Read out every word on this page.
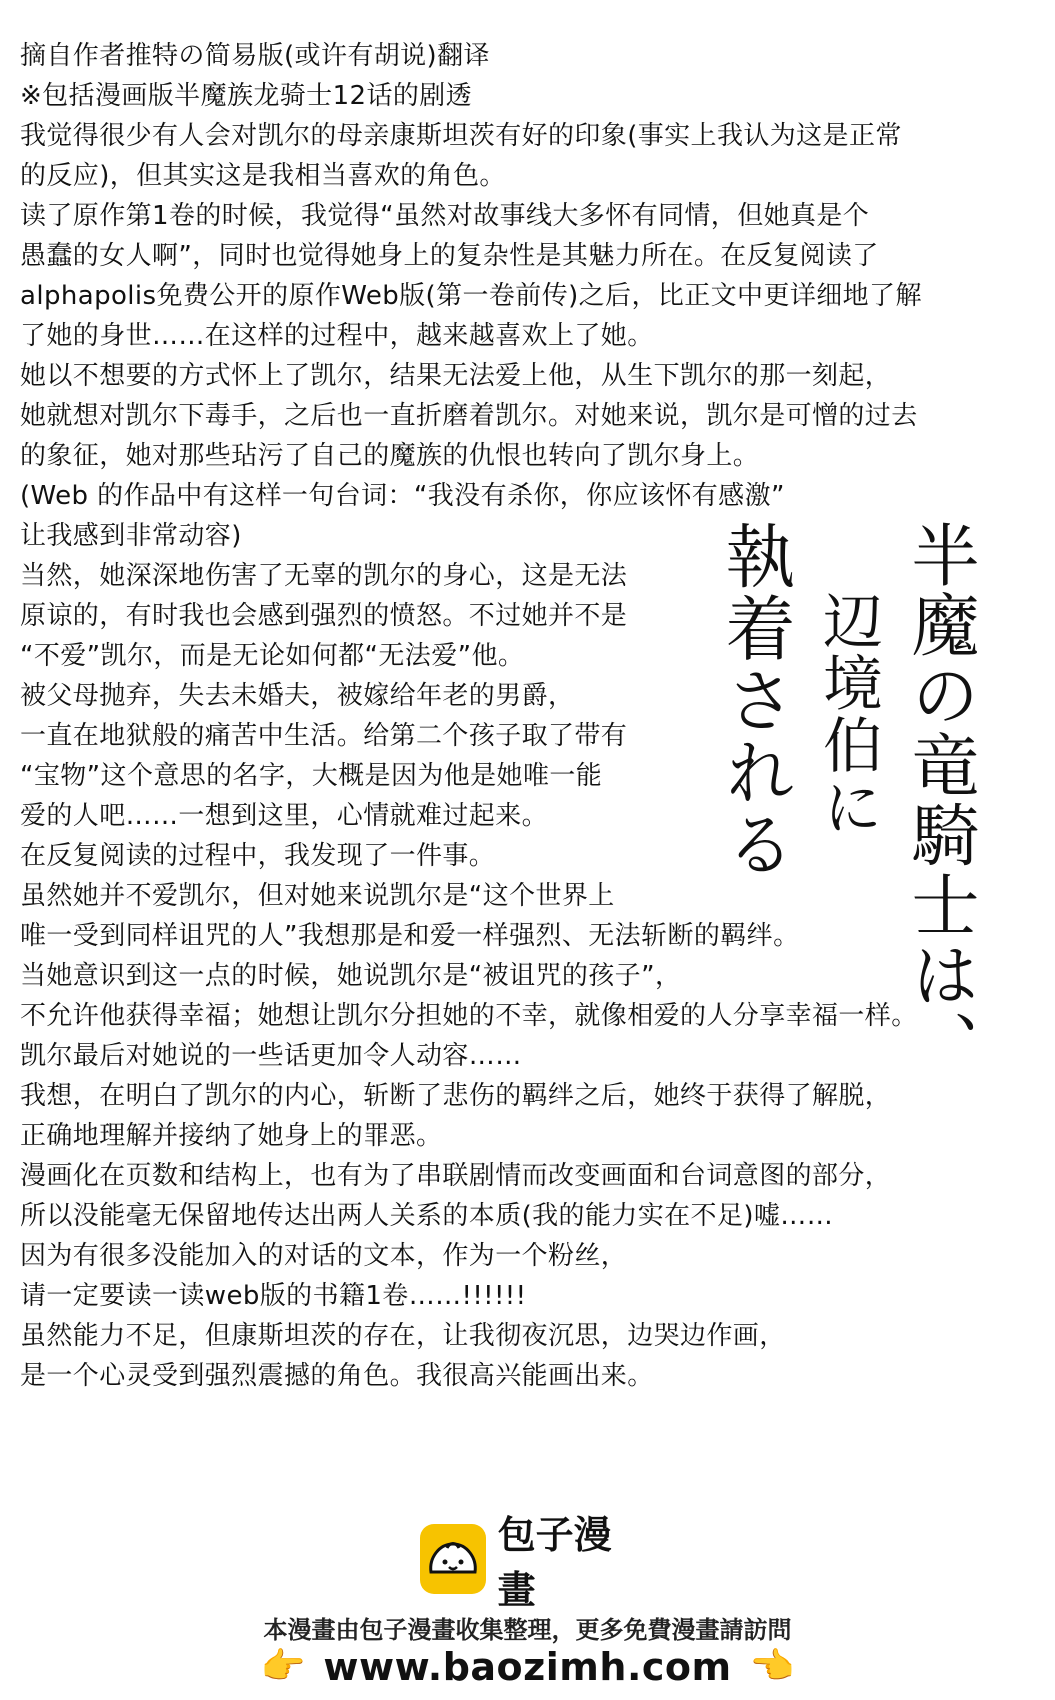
摘自作者推特の简易版(或许有胡说)翻译
※包括漫画版半魔族龙骑士12话的剧透
我觉得很少有人会对凯尔的母亲康斯坦茨有好的印象(事实上我认为这是正常
的反应)，但其实这是我相当喜欢的角色。
读了原作第1卷的时候，我觉得“虽然对故事线大多怀有同情，但她真是个
愚蠢的女人啊”，同时也觉得她身上的复杂性是其魅力所在。在反复阅读了
alphapolis免费公开的原作Web版(第一卷前传)之后，比正文中更详细地了解
了她的身世……在这样的过程中，越来越喜欢上了她。
她以不想要的方式怀上了凯尔，结果无法爱上他，从生下凯尔的那一刻起，
她就想对凯尔下毒手，之后也一直折磨着凯尔。对她来说，凯尔是可憎的过去
的象征，她对那些玷污了自己的魔族的仇恨也转向了凯尔身上。
(Web 的作品中有这样一句台词：“我没有杀你，你应该怀有感激”
让我感到非常动容)
当然，她深深地伤害了无辜的凯尔的身心，这是无法
原谅的，有时我也会感到强烈的愤怒。不过她并不是
“不爱”凯尔，而是无论如何都“无法爱”他。
被父母抛弃，失去未婚夫，被嫁给年老的男爵，
一直在地狱般的痛苦中生活。给第二个孩子取了带有
“宝物”这个意思的名字，大概是因为他是她唯一能
爱的人吧……一想到这里，心情就难过起来。
在反复阅读的过程中，我发现了一件事。
虽然她并不爱凯尔，但对她来说凯尔是“这个世界上
唯一受到同样诅咒的人”我想那是和爱一样强烈、无法斩断的羁绊。
当她意识到这一点的时候，她说凯尔是“被诅咒的孩子”，
不允许他获得幸福；她想让凯尔分担她的不幸，就像相爱的人分享幸福一样。
凯尔最后对她说的一些话更加令人动容……
我想，在明白了凯尔的内心，斩断了悲伤的羁绊之后，她终于获得了解脱，
正确地理解并接纳了她身上的罪恶。
漫画化在页数和结构上，也有为了串联剧情而改变画面和台词意图的部分，
所以没能毫无保留地传达出两人关系的本质(我的能力实在不足)嘘……
因为有很多没能加入的对话的文本，作为一个粉丝，
请一定要读一读web版的书籍1卷……!!!!!!
虽然能力不足，但康斯坦茨的存在，让我彻夜沉思，边哭边作画，
是一个心灵受到强烈震撼的角色。我很高兴能画出来。
半魔の竜騎士は、
辺境伯に
執着される
包子漫畫
本漫畫由包子漫畫收集整理，更多免費漫畫請訪問
👉 www.baozimh.com 👈
